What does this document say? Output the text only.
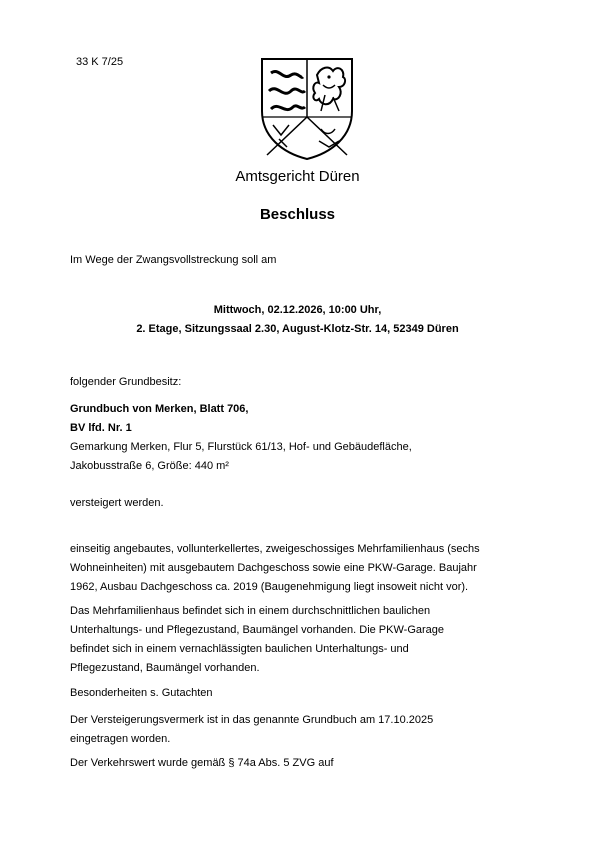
33 K 7/25
Amtsgericht Düren
Beschluss
Im Wege der Zwangsvollstreckung soll am
Mittwoch, 02.12.2026, 10:00 Uhr,
2. Etage, Sitzungssaal 2.30, August-Klotz-Str. 14, 52349 Düren
folgender Grundbesitz:
Grundbuch von Merken, Blatt 706,
BV lfd. Nr. 1
Gemarkung Merken, Flur 5, Flurstück 61/13, Hof- und Gebäudefläche,
Jakobusstraße 6, Größe: 440 m²
versteigert werden.
einseitig angebautes, vollunterkellertes, zweigeschossiges Mehrfamilienhaus (sechs
Wohneinheiten) mit ausgebautem Dachgeschoss sowie eine PKW-Garage. Baujahr
1962, Ausbau Dachgeschoss ca. 2019 (Baugenehmigung liegt insoweit nicht vor).
Das Mehrfamilienhaus befindet sich in einem durchschnittlichen baulichen
Unterhaltungs- und Pflegezustand, Baumängel vorhanden. Die PKW-Garage
befindet sich in einem vernachlässigten baulichen Unterhaltungs- und
Pflegezustand, Baumängel vorhanden.
Besonderheiten s. Gutachten
Der Versteigerungsvermerk ist in das genannte Grundbuch am 17.10.2025
eingetragen worden.
Der Verkehrswert wurde gemäß § 74a Abs. 5 ZVG auf
